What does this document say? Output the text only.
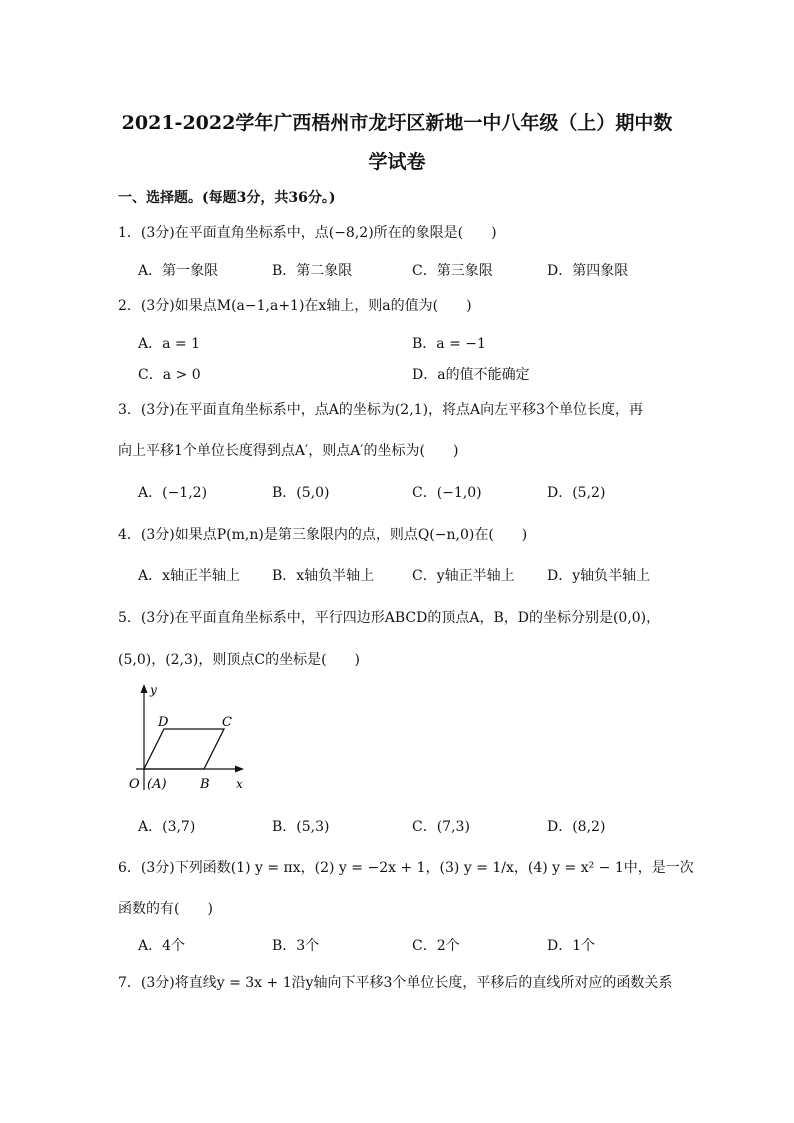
2021-2022学年广西梧州市龙圩区新地一中八年级（上）期中数
学试卷
一、选择题。(每题3分，共36分。)
1．(3分)在平面直角坐标系中，点(−8,2)所在的象限是(　　)
A．第一象限	B．第二象限	C．第三象限	D．第四象限
2．(3分)如果点M(a−1,a+1)在x轴上，则a的值为(　　)
A．a = 1	B．a = −1
C．a > 0	D．a的值不能确定
3．(3分)在平面直角坐标系中，点A的坐标为(2,1)，将点A向左平移3个单位长度，再
向上平移1个单位长度得到点A′，则点A′的坐标为(　　)
A．(−1,2)	B．(5,0)	C．(−1,0)	D．(5,2)
4．(3分)如果点P(m,n)是第三象限内的点，则点Q(−n,0)在(　　)
A．x轴正半轴上 B．x轴负半轴上	C．y轴正半轴上 D．y轴负半轴上
5．(3分)在平面直角坐标系中，平行四边形ABCD的顶点A，B，D的坐标分别是(0,0)，
(5,0)，(2,3)，则顶点C的坐标是(　　)
y
x
O (A)	B
C
D
A．(3,7)	B．(5,3)	C．(7,3)	D．(8,2)
6．(3分)下列函数(1) y = πx，(2) y = −2x + 1，(3) y = 1/x，(4) y = x² − 1中，是一次
函数的有(　　)
A．4个	B．3个	C．2个	D．1个
7．(3分)将直线y = 3x + 1沿y轴向下平移3个单位长度，平移后的直线所对应的函数关系
